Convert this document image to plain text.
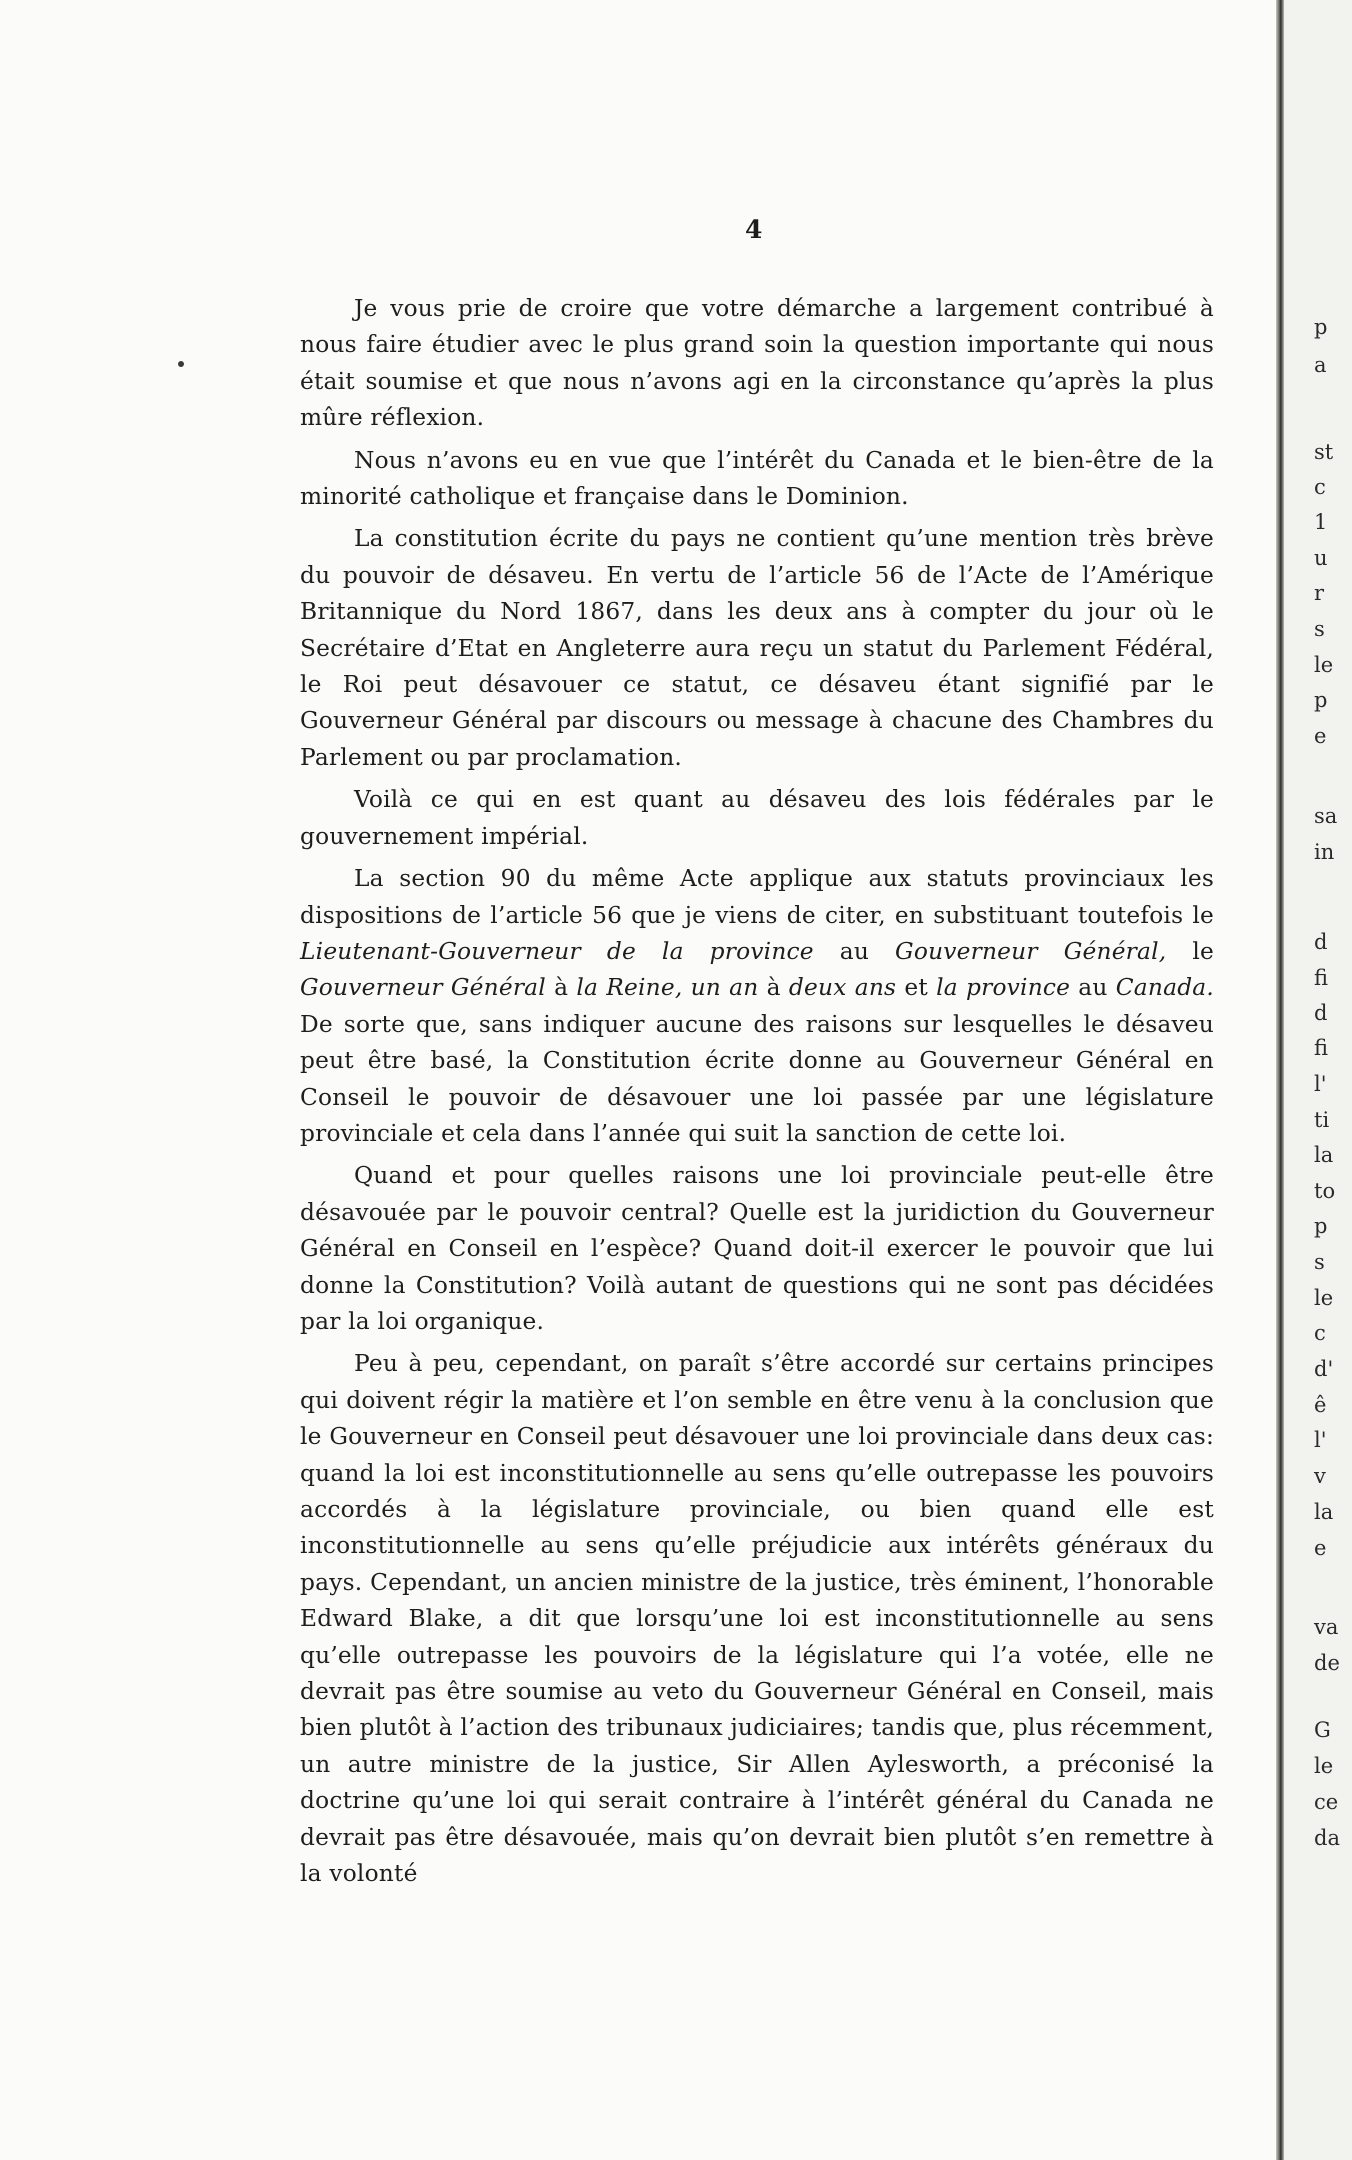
4

Je vous prie de croire que votre démarche a largement contribué à nous faire étudier avec le plus grand soin la question importante qui nous était soumise et que nous n’avons agi en la circonstance qu’après la plus mûre réflexion.

Nous n’avons eu en vue que l’intérêt du Canada et le bien-être de la minorité catholique et française dans le Dominion.

La constitution écrite du pays ne contient qu’une mention très brève du pouvoir de désaveu. En vertu de l’article 56 de l’Acte de l’Amérique Britannique du Nord 1867, dans les deux ans à compter du jour où le Secrétaire d’Etat en Angleterre aura reçu un statut du Parlement Fédéral, le Roi peut désavouer ce statut, ce désaveu étant signifié par le Gouverneur Général par discours ou message à chacune des Chambres du Parlement ou par proclamation.

Voilà ce qui en est quant au désaveu des lois fédérales par le gouvernement impérial.

La section 90 du même Acte applique aux statuts provinciaux les dispositions de l’article 56 que je viens de citer, en substituant toutefois le Lieutenant-Gouverneur de la province au Gouverneur Général, le Gouverneur Général à la Reine, un an à deux ans et la province au Canada. De sorte que, sans indiquer aucune des raisons sur lesquelles le désaveu peut être basé, la Constitution écrite donne au Gouverneur Général en Conseil le pouvoir de désavouer une loi passée par une législature provinciale et cela dans l’année qui suit la sanction de cette loi.

Quand et pour quelles raisons une loi provinciale peut-elle être désavouée par le pouvoir central? Quelle est la juridiction du Gouverneur Général en Conseil en l’espèce? Quand doit-il exercer le pouvoir que lui donne la Constitution? Voilà autant de questions qui ne sont pas décidées par la loi organique.

Peu à peu, cependant, on paraît s’être accordé sur certains principes qui doivent régir la matière et l’on semble en être venu à la conclusion que le Gouverneur en Conseil peut désavouer une loi provinciale dans deux cas: quand la loi est inconstitutionnelle au sens qu’elle outrepasse les pouvoirs accordés à la législature provinciale, ou bien quand elle est inconstitutionnelle au sens qu’elle préjudicie aux intérêts généraux du pays. Cependant, un ancien ministre de la justice, très éminent, l’honorable Edward Blake, a dit que lorsqu’une loi est inconstitutionnelle au sens qu’elle outrepasse les pouvoirs de la législature qui l’a votée, elle ne devrait pas être soumise au veto du Gouverneur Général en Conseil, mais bien plutôt à l’action des tribunaux judiciaires; tandis que, plus récemment, un autre ministre de la justice, Sir Allen Aylesworth, a préconisé la doctrine qu’une loi qui serait contraire à l’intérêt général du Canada ne devrait pas être désavouée, mais qu’on devrait bien plutôt s’en remettre à la volonté

p
a
st
c
1
u
r
s
le
p
e
sa
in
d
fi
d
fi
l'
ti
la
to
p
s
le
c
d'
ê
l'
v
la
e
va
de
G
le
ce
da
